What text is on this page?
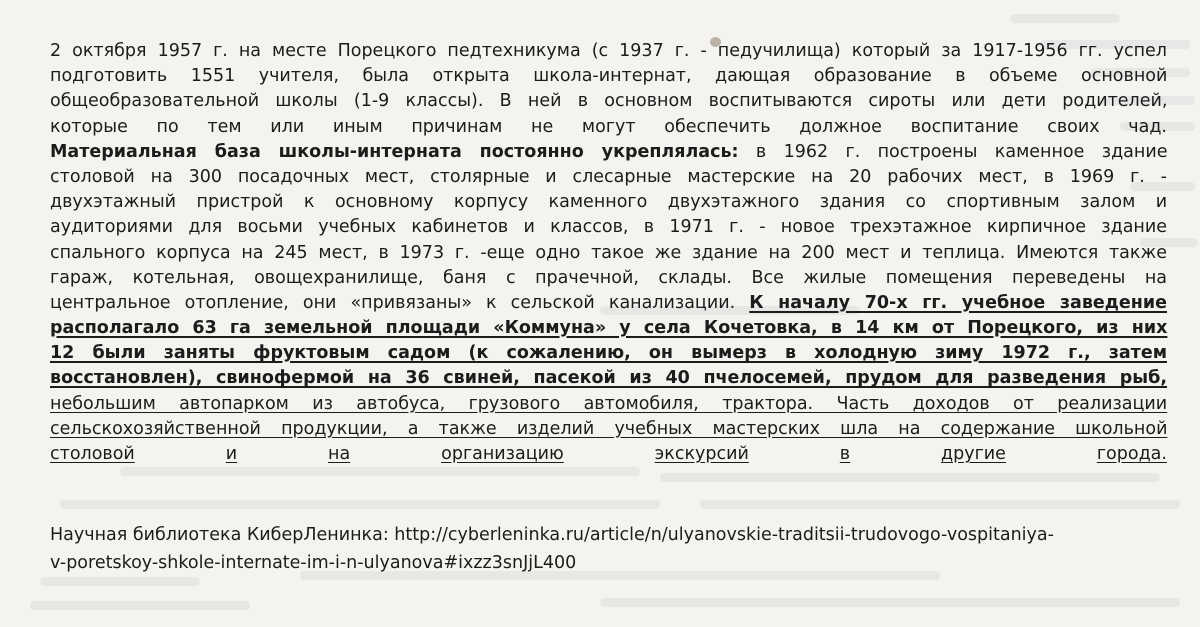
2 октября 1957 г. на месте Порецкого педтехникума (с 1937 г. - педучилища) который за 1917-1956 гг. успел
подготовить 1551 учителя, была открыта школа-интернат, дающая образование в объеме основной
общеобразовательной школы (1-9 классы). В ней в основном воспитываются сироты или дети родителей,
которые по тем или иным причинам не могут обеспечить должное воспитание своих чад.
Материальная база школы-интерната постоянно укреплялась: в 1962 г. построены каменное здание
столовой на 300 посадочных мест, столярные и слесарные мастерские на 20 рабочих мест, в 1969 г. -
двухэтажный пристрой к основному корпусу каменного двухэтажного здания со спортивным залом и
аудиториями для восьми учебных кабинетов и классов, в 1971 г. - новое трехэтажное кирпичное здание
спального корпуса на 245 мест, в 1973 г. -еще одно такое же здание на 200 мест и теплица. Имеются также
гараж, котельная, овощехранилище, баня с прачечной, склады. Все жилые помещения переведены на
центральное отопление, они «привязаны» к сельской канализации. К началу 70-х гг. учебное заведение
располагало 63 га земельной площади «Коммуна» у села Кочетовка, в 14 км от Порецкого, из них
12 были заняты фруктовым садом (к сожалению, он вымерз в холодную зиму 1972 г., затем
восстановлен), свинофермой на 36 свиней, пасекой из 40 пчелосемей, прудом для разведения рыб,
небольшим автопарком из автобуса, грузового автомобиля, трактора. Часть доходов от реализации
сельскохозяйственной продукции, а также изделий учебных мастерских шла на содержание школьной
столовой	и	на	организацию	экскурсий	в	другие	города.
Научная библиотека КиберЛенинка: http://cyberleninka.ru/article/n/ulyanovskie-traditsii-trudovogo-vospitaniya-
v-poretskoy-shkole-internate-im-i-n-ulyanova#ixzz3snJjL400
